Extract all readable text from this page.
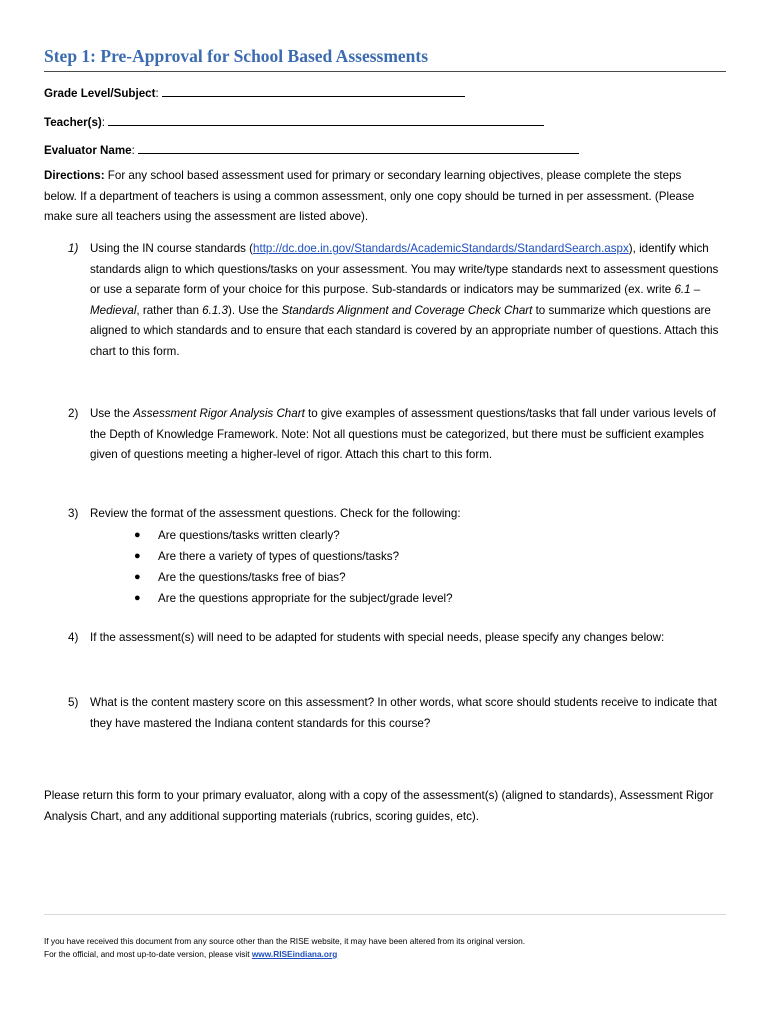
Step 1: Pre-Approval for School Based Assessments
Grade Level/Subject:
Teacher(s):
Evaluator Name:
Directions: For any school based assessment used for primary or secondary learning objectives, please complete the steps below. If a department of teachers is using a common assessment, only one copy should be turned in per assessment. (Please make sure all teachers using the assessment are listed above).
1) Using the IN course standards (http://dc.doe.in.gov/Standards/AcademicStandards/StandardSearch.aspx), identify which standards align to which questions/tasks on your assessment. You may write/type standards next to assessment questions or use a separate form of your choice for this purpose. Sub-standards or indicators may be summarized (ex. write 6.1 – Medieval, rather than 6.1.3). Use the Standards Alignment and Coverage Check Chart to summarize which questions are aligned to which standards and to ensure that each standard is covered by an appropriate number of questions. Attach this chart to this form.
2) Use the Assessment Rigor Analysis Chart to give examples of assessment questions/tasks that fall under various levels of the Depth of Knowledge Framework. Note: Not all questions must be categorized, but there must be sufficient examples given of questions meeting a higher-level of rigor. Attach this chart to this form.
3) Review the format of the assessment questions. Check for the following:
● Are questions/tasks written clearly?
● Are there a variety of types of questions/tasks?
● Are the questions/tasks free of bias?
● Are the questions appropriate for the subject/grade level?
4) If the assessment(s) will need to be adapted for students with special needs, please specify any changes below:
5) What is the content mastery score on this assessment? In other words, what score should students receive to indicate that they have mastered the Indiana content standards for this course?
Please return this form to your primary evaluator, along with a copy of the assessment(s) (aligned to standards), Assessment Rigor Analysis Chart, and any additional supporting materials (rubrics, scoring guides, etc).
If you have received this document from any source other than the RISE website, it may have been altered from its original version.
For the official, and most up-to-date version, please visit www.RISEindiana.org
